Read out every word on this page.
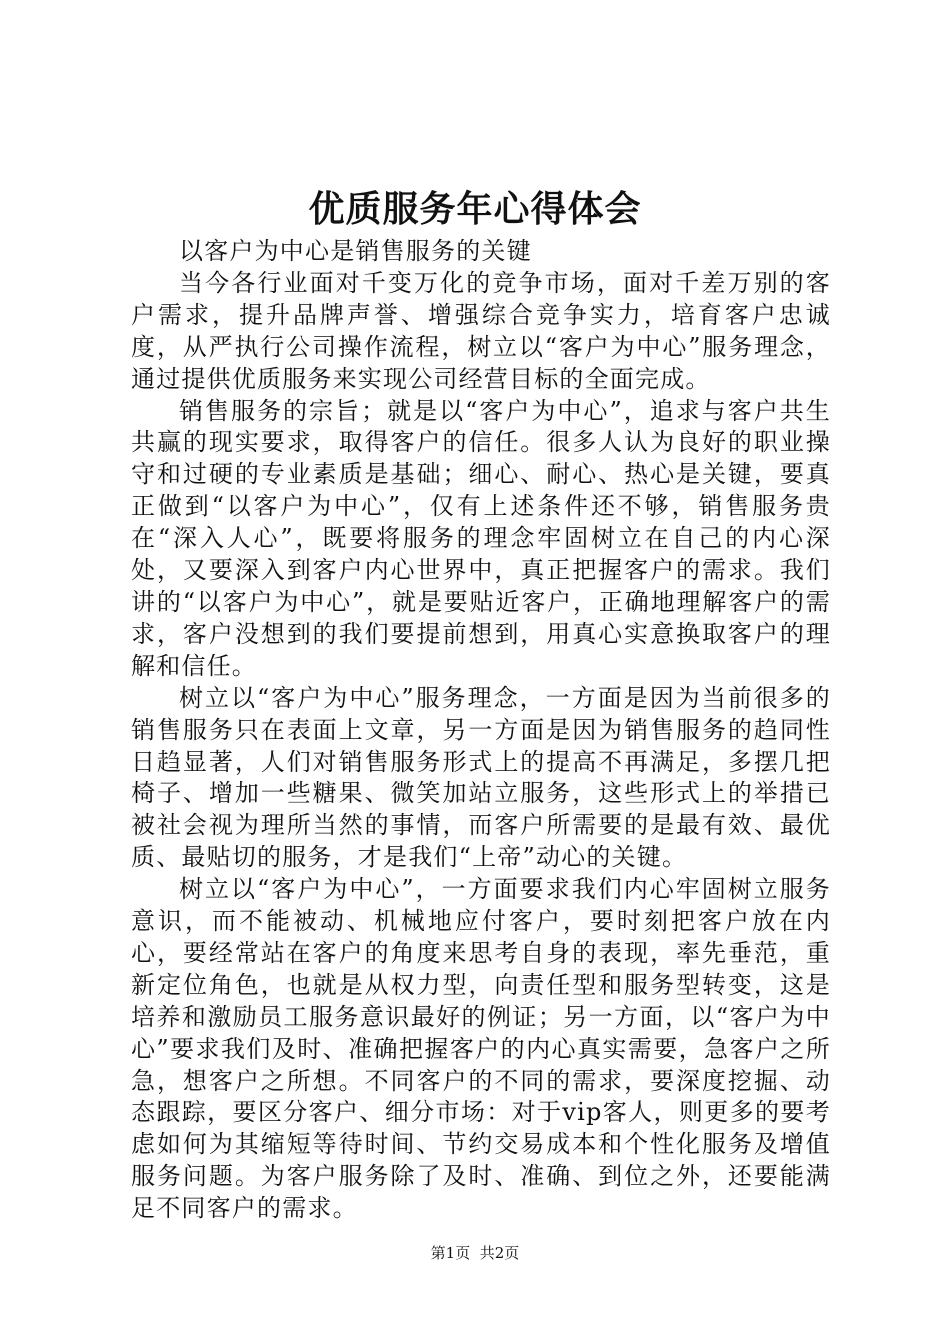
优质服务年心得体会

以客户为中心是销售服务的关键

当今各行业面对千变万化的竞争市场，面对千差万别的客户需求，提升品牌声誉、增强综合竞争实力，培育客户忠诚度，从严执行公司操作流程，树立以“客户为中心”服务理念，通过提供优质服务来实现公司经营目标的全面完成。

销售服务的宗旨；就是以“客户为中心”，追求与客户共生共赢的现实要求，取得客户的信任。很多人认为良好的职业操守和过硬的专业素质是基础；细心、耐心、热心是关键，要真正做到“以客户为中心”，仅有上述条件还不够，销售服务贵在“深入人心”，既要将服务的理念牢固树立在自己的内心深处，又要深入到客户内心世界中，真正把握客户的需求。我们讲的“以客户为中心”，就是要贴近客户，正确地理解客户的需求，客户没想到的我们要提前想到，用真心实意换取客户的理解和信任。

树立以“客户为中心”服务理念，一方面是因为当前很多的销售服务只在表面上文章，另一方面是因为销售服务的趋同性日趋显著，人们对销售服务形式上的提高不再满足，多摆几把椅子、增加一些糖果、微笑加站立服务，这些形式上的举措已被社会视为理所当然的事情，而客户所需要的是最有效、最优质、最贴切的服务，才是我们“上帝”动心的关键。

树立以“客户为中心”，一方面要求我们内心牢固树立服务意识，而不能被动、机械地应付客户，要时刻把客户放在内心，要经常站在客户的角度来思考自身的表现，率先垂范，重新定位角色，也就是从权力型，向责任型和服务型转变，这是培养和激励员工服务意识最好的例证；另一方面，以“客户为中心”要求我们及时、准确把握客户的内心真实需要，急客户之所急，想客户之所想。不同客户的不同的需求，要深度挖掘、动态跟踪，要区分客户、细分市场：对于vip客人，则更多的要考虑如何为其缩短等待时间、节约交易成本和个性化服务及增值服务问题。为客户服务除了及时、准确、到位之外，还要能满足不同客户的需求。

第1页 共2页
